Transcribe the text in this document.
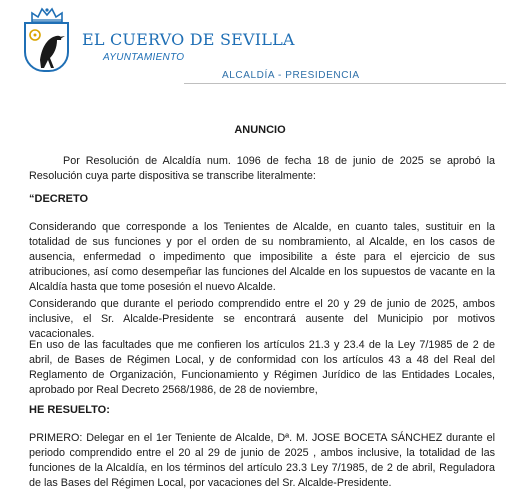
EL CUERVO DE SEVILLA
AYUNTAMIENTO
ALCALDÍA - PRESIDENCIA
ANUNCIO
Por Resolución de Alcaldía num. 1096 de fecha 18 de junio de 2025 se aprobó la Resolución cuya parte dispositiva se transcribe literalmente:
“DECRETO
Considerando que corresponde a los Tenientes de Alcalde, en cuanto tales, sustituir en la totalidad de sus funciones y por el orden de su nombramiento, al Alcalde, en los casos de ausencia, enfermedad o impedimento que imposibilite a éste para el ejercicio de sus atribuciones, así como desempeñar las funciones del Alcalde en los supuestos de vacante en la Alcaldía hasta que tome posesión el nuevo Alcalde.
Considerando que durante el periodo comprendido entre el 20 y 29 de junio de 2025, ambos inclusive, el Sr. Alcalde-Presidente se encontrará ausente del Municipio por motivos vacacionales.
En uso de las facultades que me confieren los artículos 21.3 y 23.4 de la Ley 7/1985 de 2 de abril, de Bases de Régimen Local, y de conformidad con los artículos 43 a 48 del Real del Reglamento de Organización, Funcionamiento y Régimen Jurídico de las Entidades Locales, aprobado por Real Decreto 2568/1986, de 28 de noviembre,
HE RESUELTO:
PRIMERO: Delegar en el 1er Teniente de Alcalde, Dª. M. JOSE BOCETA SÁNCHEZ durante el periodo comprendido entre el 20 al 29 de junio de 2025 , ambos inclusive, la totalidad de las funciones de la Alcaldía, en los términos del artículo 23.3 Ley 7/1985, de 2 de abril, Reguladora de las Bases del Régimen Local, por vacaciones del Sr. Alcalde-Presidente.
